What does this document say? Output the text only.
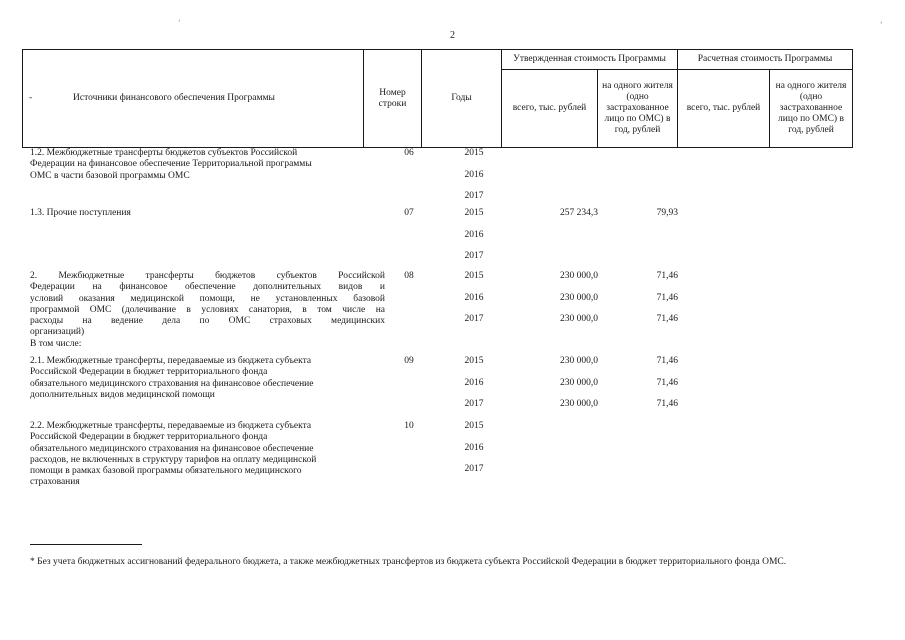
‘	‘
2
- Источники финансового обеспечения Программы	Номер строки	Годы	Утвержденная стоимость Программы		Расчетная стоимость Программы	
			всего, тыс. рублей	на одного жителя (одно застрахованное лицо по ОМС) в год, рублей	всего, тыс. рублей	на одного жителя (одно застрахованное лицо по ОМС) в год, рублей
1.2. Межбюджетные трансферты бюджетов субъектов Российской
Федерации на финансовое обеспечение Территориальной программы
ОМС в части базовой программы ОМС
06	2015
2016
2017
1.3. Прочие поступления	07	2015	257 234,3	79,93
2016
2017
2. Межбюджетные трансферты бюджетов субъектов Российской
Федерации на финансовое обеспечение дополнительных видов и
условий оказания медицинской помощи, не установленных базовой
программой ОМС (долечивание в условиях санатория, в том числе на
расходы на ведение дела по ОМС страховых медицинских
организаций)
В том числе:
08	2015	230 000,0	71,46
2016	230 000,0	71,46
2017	230 000,0	71,46
2.1. Межбюджетные трансферты, передаваемые из бюджета субъекта
Российской Федерации в бюджет территориального фонда
обязательного медицинского страхования на финансовое обеспечение
дополнительных видов медицинской помощи
09	2015	230 000,0	71,46
2016	230 000,0	71,46
2017	230 000,0	71,46
2.2. Межбюджетные трансферты, передаваемые из бюджета субъекта
Российской Федерации в бюджет территориального фонда
обязательного медицинского страхования на финансовое обеспечение
расходов, не включенных в структуру тарифов на оплату медицинской
помощи в рамках базовой программы обязательного медицинского
страхования
10	2015
2016
2017
* Без учета бюджетных ассигнований федерального бюджета, а также межбюджетных трансфертов из бюджета субъекта Российской Федерации в бюджет территориального фонда ОМС.
